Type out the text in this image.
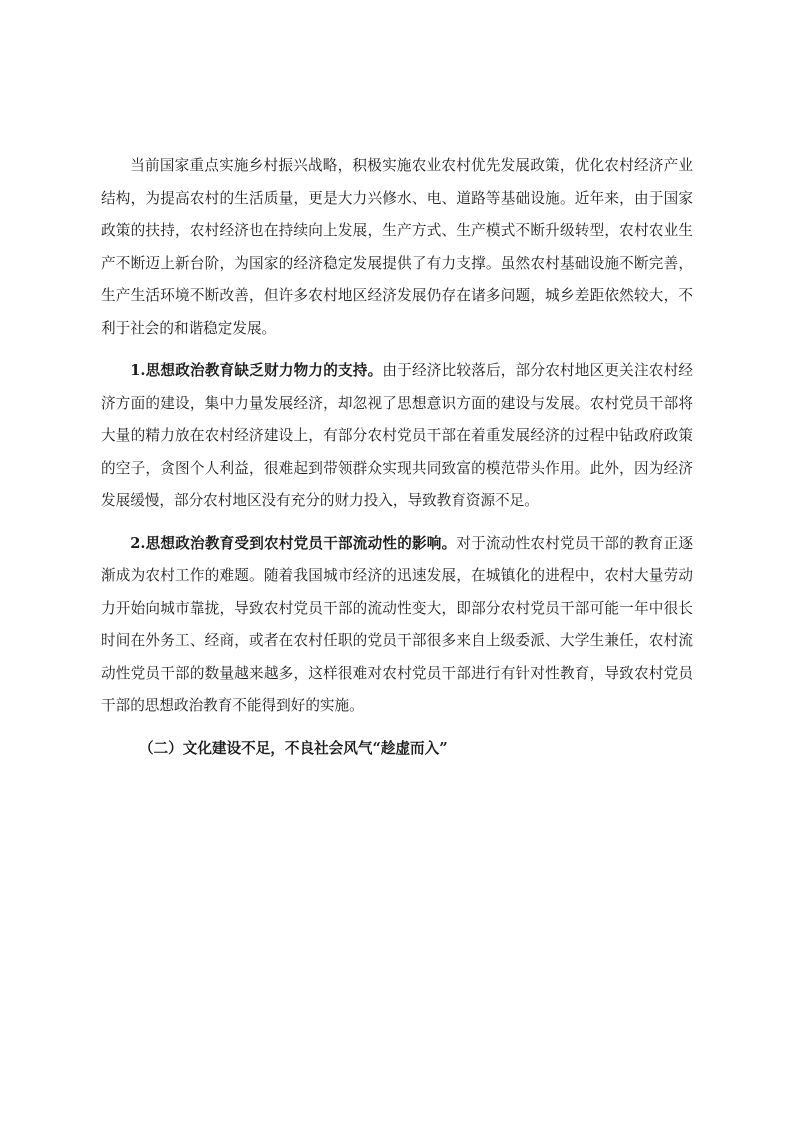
当前国家重点实施乡村振兴战略，积极实施农业农村优先发展政策，优化农村经济产业结构，为提高农村的生活质量，更是大力兴修水、电、道路等基础设施。近年来，由于国家政策的扶持，农村经济也在持续向上发展，生产方式、生产模式不断升级转型，农村农业生产不断迈上新台阶，为国家的经济稳定发展提供了有力支撑。虽然农村基础设施不断完善，生产生活环境不断改善，但许多农村地区经济发展仍存在诸多问题，城乡差距依然较大，不利于社会的和谐稳定发展。

1.思想政治教育缺乏财力物力的支持。由于经济比较落后，部分农村地区更关注农村经济方面的建设，集中力量发展经济，却忽视了思想意识方面的建设与发展。农村党员干部将大量的精力放在农村经济建设上，有部分农村党员干部在着重发展经济的过程中钻政府政策的空子，贪图个人利益，很难起到带领群众实现共同致富的模范带头作用。此外，因为经济发展缓慢，部分农村地区没有充分的财力投入，导致教育资源不足。

2.思想政治教育受到农村党员干部流动性的影响。对于流动性农村党员干部的教育正逐渐成为农村工作的难题。随着我国城市经济的迅速发展，在城镇化的进程中，农村大量劳动力开始向城市靠拢，导致农村党员干部的流动性变大，即部分农村党员干部可能一年中很长时间在外务工、经商，或者在农村任职的党员干部很多来自上级委派、大学生兼任，农村流动性党员干部的数量越来越多，这样很难对农村党员干部进行有针对性教育，导致农村党员干部的思想政治教育不能得到好的实施。

（二）文化建设不足，不良社会风气“趁虚而入”
